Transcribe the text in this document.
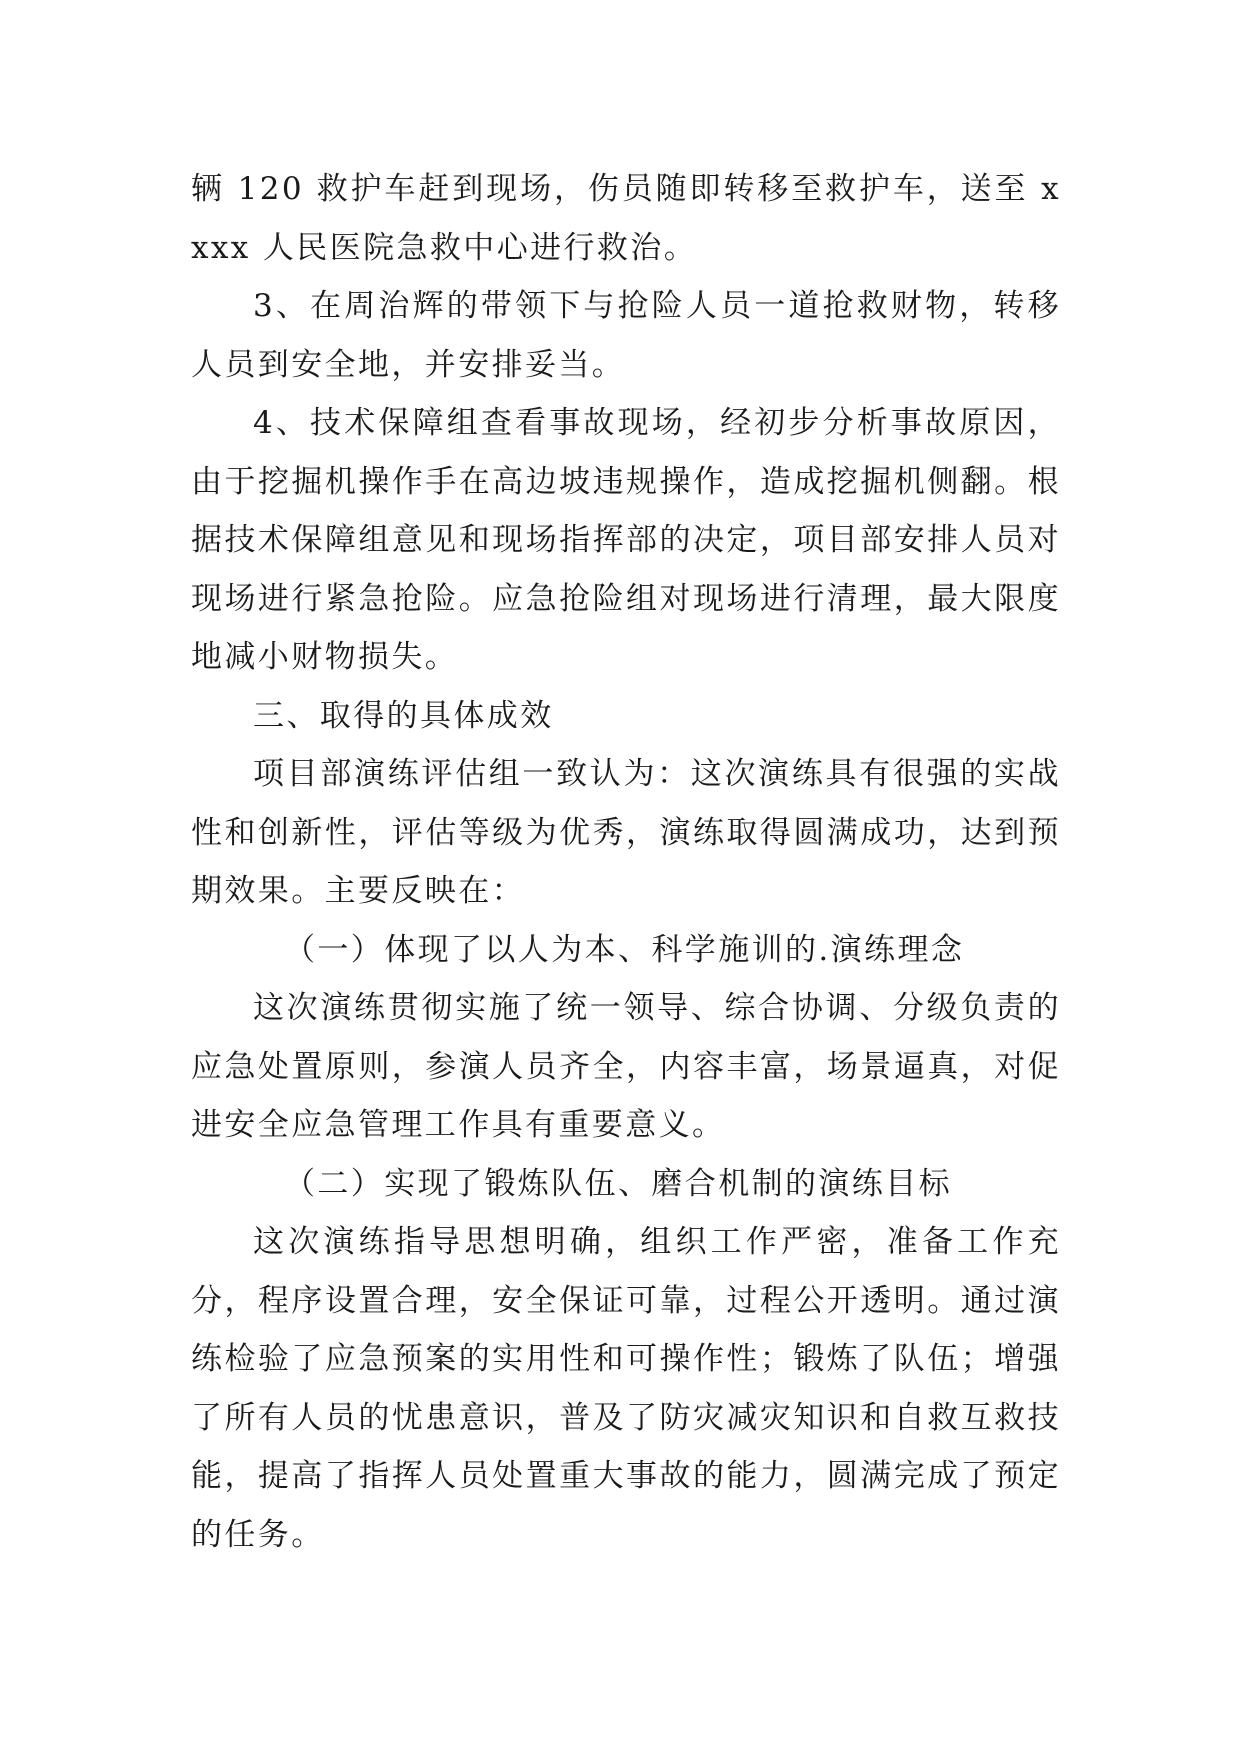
辆 120 救护车赶到现场，伤员随即转移至救护车，送至 xxxx 人民医院急救中心进行救治。

3、在周治辉的带领下与抢险人员一道抢救财物，转移人员到安全地，并安排妥当。

4、技术保障组查看事故现场，经初步分析事故原因，由于挖掘机操作手在高边坡违规操作，造成挖掘机侧翻。根据技术保障组意见和现场指挥部的决定，项目部安排人员对现场进行紧急抢险。应急抢险组对现场进行清理，最大限度地减小财物损失。

三、取得的具体成效

项目部演练评估组一致认为：这次演练具有很强的实战性和创新性，评估等级为优秀，演练取得圆满成功，达到预期效果。主要反映在：

（一）体现了以人为本、科学施训的.演练理念

这次演练贯彻实施了统一领导、综合协调、分级负责的应急处置原则，参演人员齐全，内容丰富，场景逼真，对促进安全应急管理工作具有重要意义。

（二）实现了锻炼队伍、磨合机制的演练目标

这次演练指导思想明确，组织工作严密，准备工作充分，程序设置合理，安全保证可靠，过程公开透明。通过演练检验了应急预案的实用性和可操作性；锻炼了队伍；增强了所有人员的忧患意识，普及了防灾减灾知识和自救互救技能，提高了指挥人员处置重大事故的能力，圆满完成了预定的任务。
